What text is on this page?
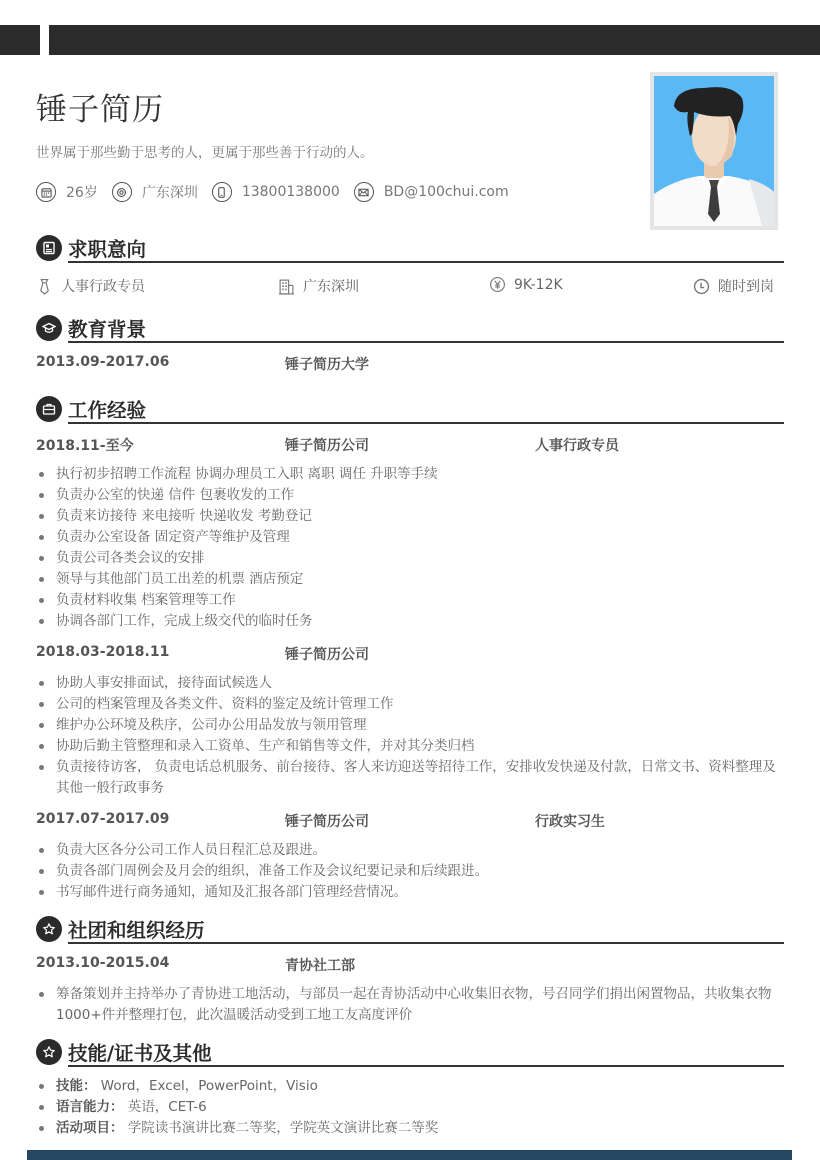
锤子简历
世界属于那些勤于思考的人，更属于那些善于行动的人。
26岁	广东深圳	13800138000	BD@100chui.com
求职意向
人事行政专员	广东深圳	9K-12K	随时到岗
教育背景
2013.09-2017.06	锤子简历大学
工作经验
2018.11-至今	锤子简历公司	人事行政专员
执行初步招聘工作流程 协调办理员工入职 离职 调任 升职等手续
负责办公室的快递 信件 包裹收发的工作
负责来访接待 来电接听 快递收发 考勤登记
负责办公室设备 固定资产等维护及管理
负责公司各类会议的安排
领导与其他部门员工出差的机票 酒店预定
负责材料收集 档案管理等工作
协调各部门工作，完成上级交代的临时任务
2018.03-2018.11	锤子简历公司
协助人事安排面试，接待面试候选人
公司的档案管理及各类文件、资料的鉴定及统计管理工作
维护办公环境及秩序，公司办公用品发放与领用管理
协助后勤主管整理和录入工资单、生产和销售等文件，并对其分类归档
负责接待访客， 负责电话总机服务、前台接待、客人来访迎送等招待工作，安排收发快递及付款，日常文书、资料整理及其他一般行政事务
2017.07-2017.09	锤子简历公司	行政实习生
负责大区各分公司工作人员日程汇总及跟进。
负责各部门周例会及月会的组织，准备工作及会议纪要记录和后续跟进。
书写邮件进行商务通知，通知及汇报各部门管理经营情况。
社团和组织经历
2013.10-2015.04	青协社工部
筹备策划并主持举办了青协进工地活动，与部员一起在青协活动中心收集旧衣物，号召同学们捐出闲置物品，共收集衣物1000+件并整理打包，此次温暖活动受到工地工友高度评价
技能/证书及其他
技能： Word，Excel，PowerPoint，Visio
语言能力： 英语，CET-6
活动项目： 学院读书演讲比赛二等奖，学院英文演讲比赛二等奖
